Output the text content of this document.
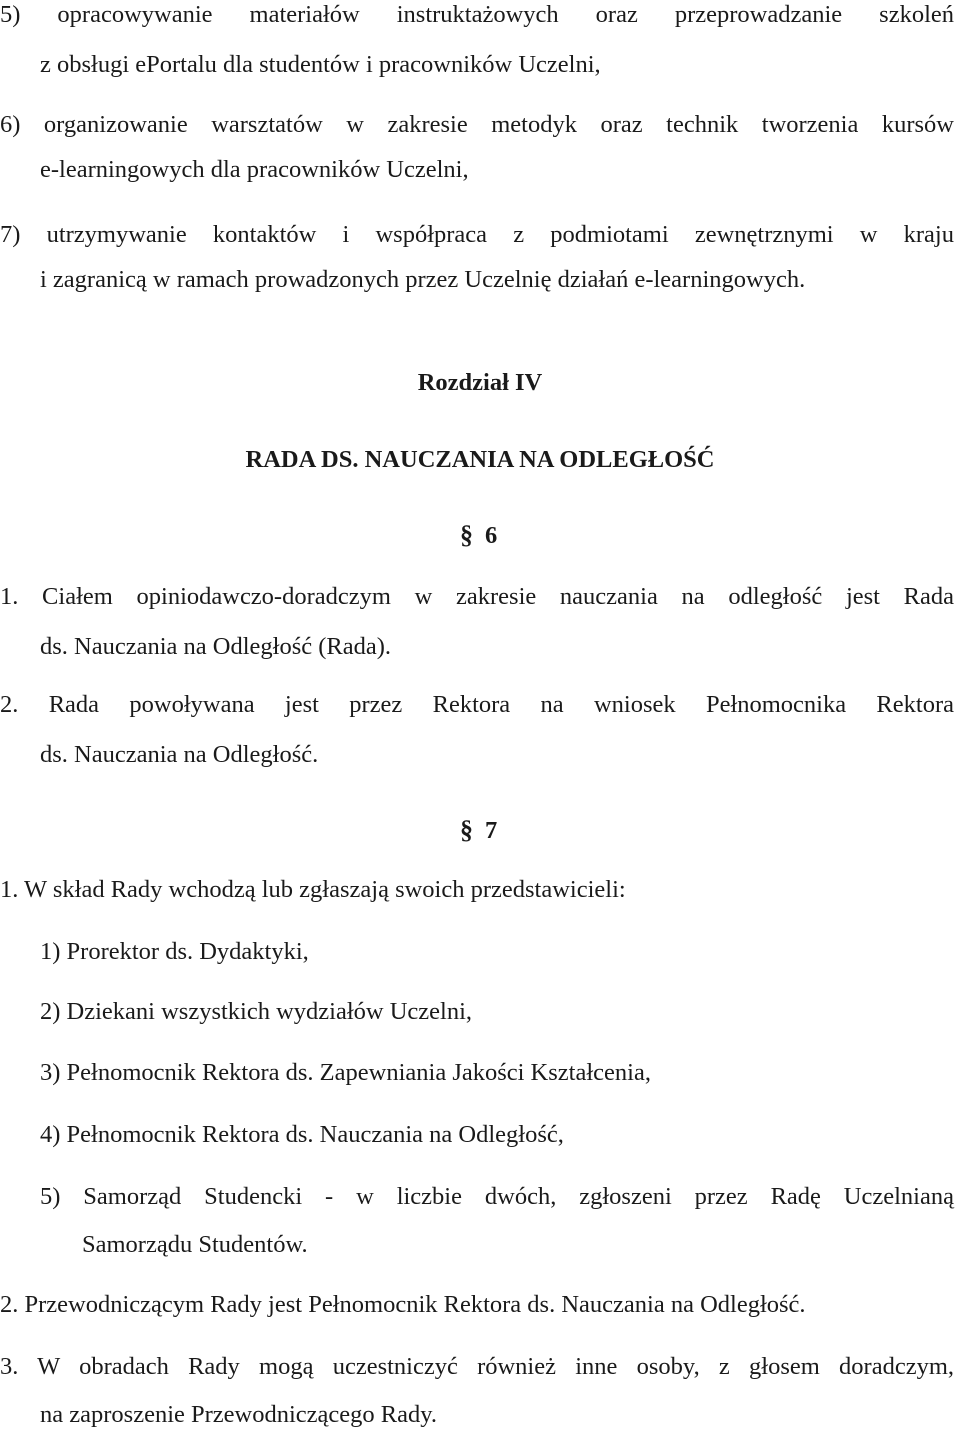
5) opracowywanie materiałów instruktażowych oraz przeprowadzanie szkoleń
z obsługi ePortalu dla studentów i pracowników Uczelni,
6) organizowanie warsztatów w zakresie metodyk oraz technik tworzenia kursów
e-learningowych dla pracowników Uczelni,
7) utrzymywanie kontaktów i współpraca z podmiotami zewnętrznymi w kraju
i zagranicą w ramach prowadzonych przez Uczelnię działań e-learningowych.
Rozdział IV
RADA DS. NAUCZANIA NA ODLEGŁOŚĆ
§ 6
1. Ciałem opiniodawczo-doradczym w zakresie nauczania na odległość jest Rada
ds. Nauczania na Odległość (Rada).
2. Rada powoływana jest przez Rektora na wniosek Pełnomocnika Rektora
ds. Nauczania na Odległość.
§ 7
1. W skład Rady wchodzą lub zgłaszają swoich przedstawicieli:
1) Prorektor ds. Dydaktyki,
2) Dziekani wszystkich wydziałów Uczelni,
3) Pełnomocnik Rektora ds. Zapewniania Jakości Kształcenia,
4) Pełnomocnik Rektora ds. Nauczania na Odległość,
5) Samorząd Studencki - w liczbie dwóch, zgłoszeni przez Radę Uczelnianą
Samorządu Studentów.
2. Przewodniczącym Rady jest Pełnomocnik Rektora ds. Nauczania na Odległość.
3. W obradach Rady mogą uczestniczyć również inne osoby, z głosem doradczym,
na zaproszenie Przewodniczącego Rady.
